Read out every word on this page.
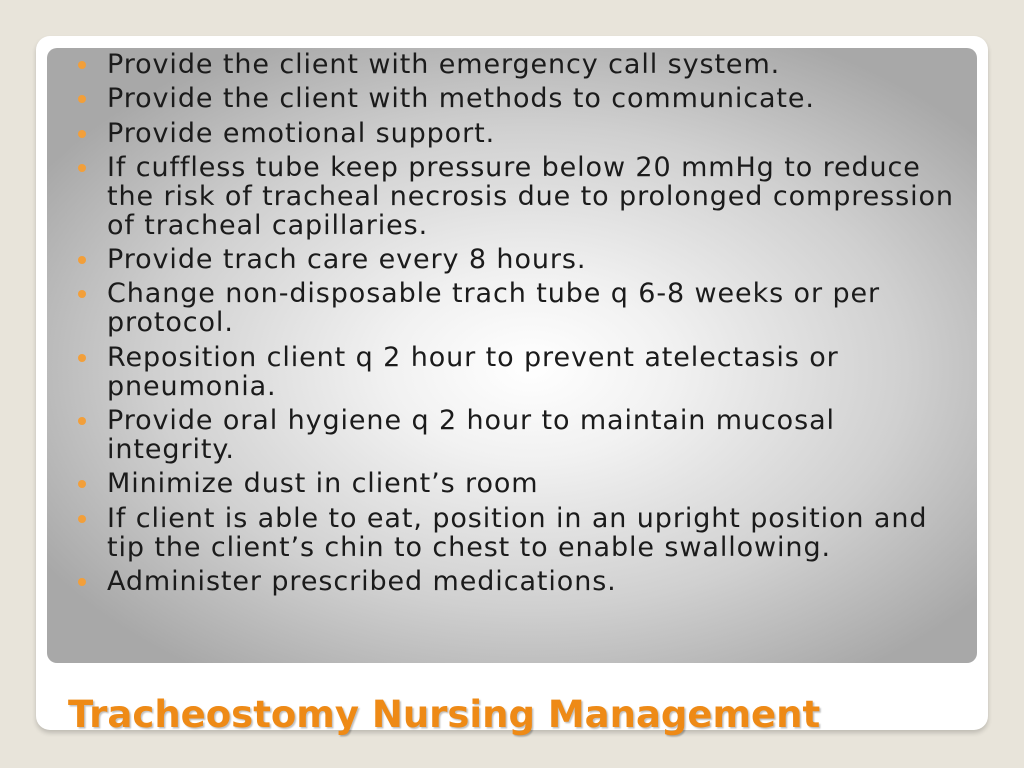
Provide the client with emergency call system.
Provide the client with methods to communicate.
Provide emotional support.
If cuffless tube keep pressure below 20 mmHg to reduce the risk of tracheal necrosis due to prolonged compression of tracheal capillaries.
Provide trach care every 8 hours.
Change non-disposable trach tube q 6-8 weeks or per protocol.
Reposition client q 2 hour to prevent atelectasis or pneumonia.
Provide oral hygiene q 2 hour to maintain mucosal integrity.
Minimize dust in client’s room
If client is able to eat, position in an upright position and tip the client’s chin to chest to enable swallowing.
Administer prescribed medications.
Tracheostomy Nursing Management
